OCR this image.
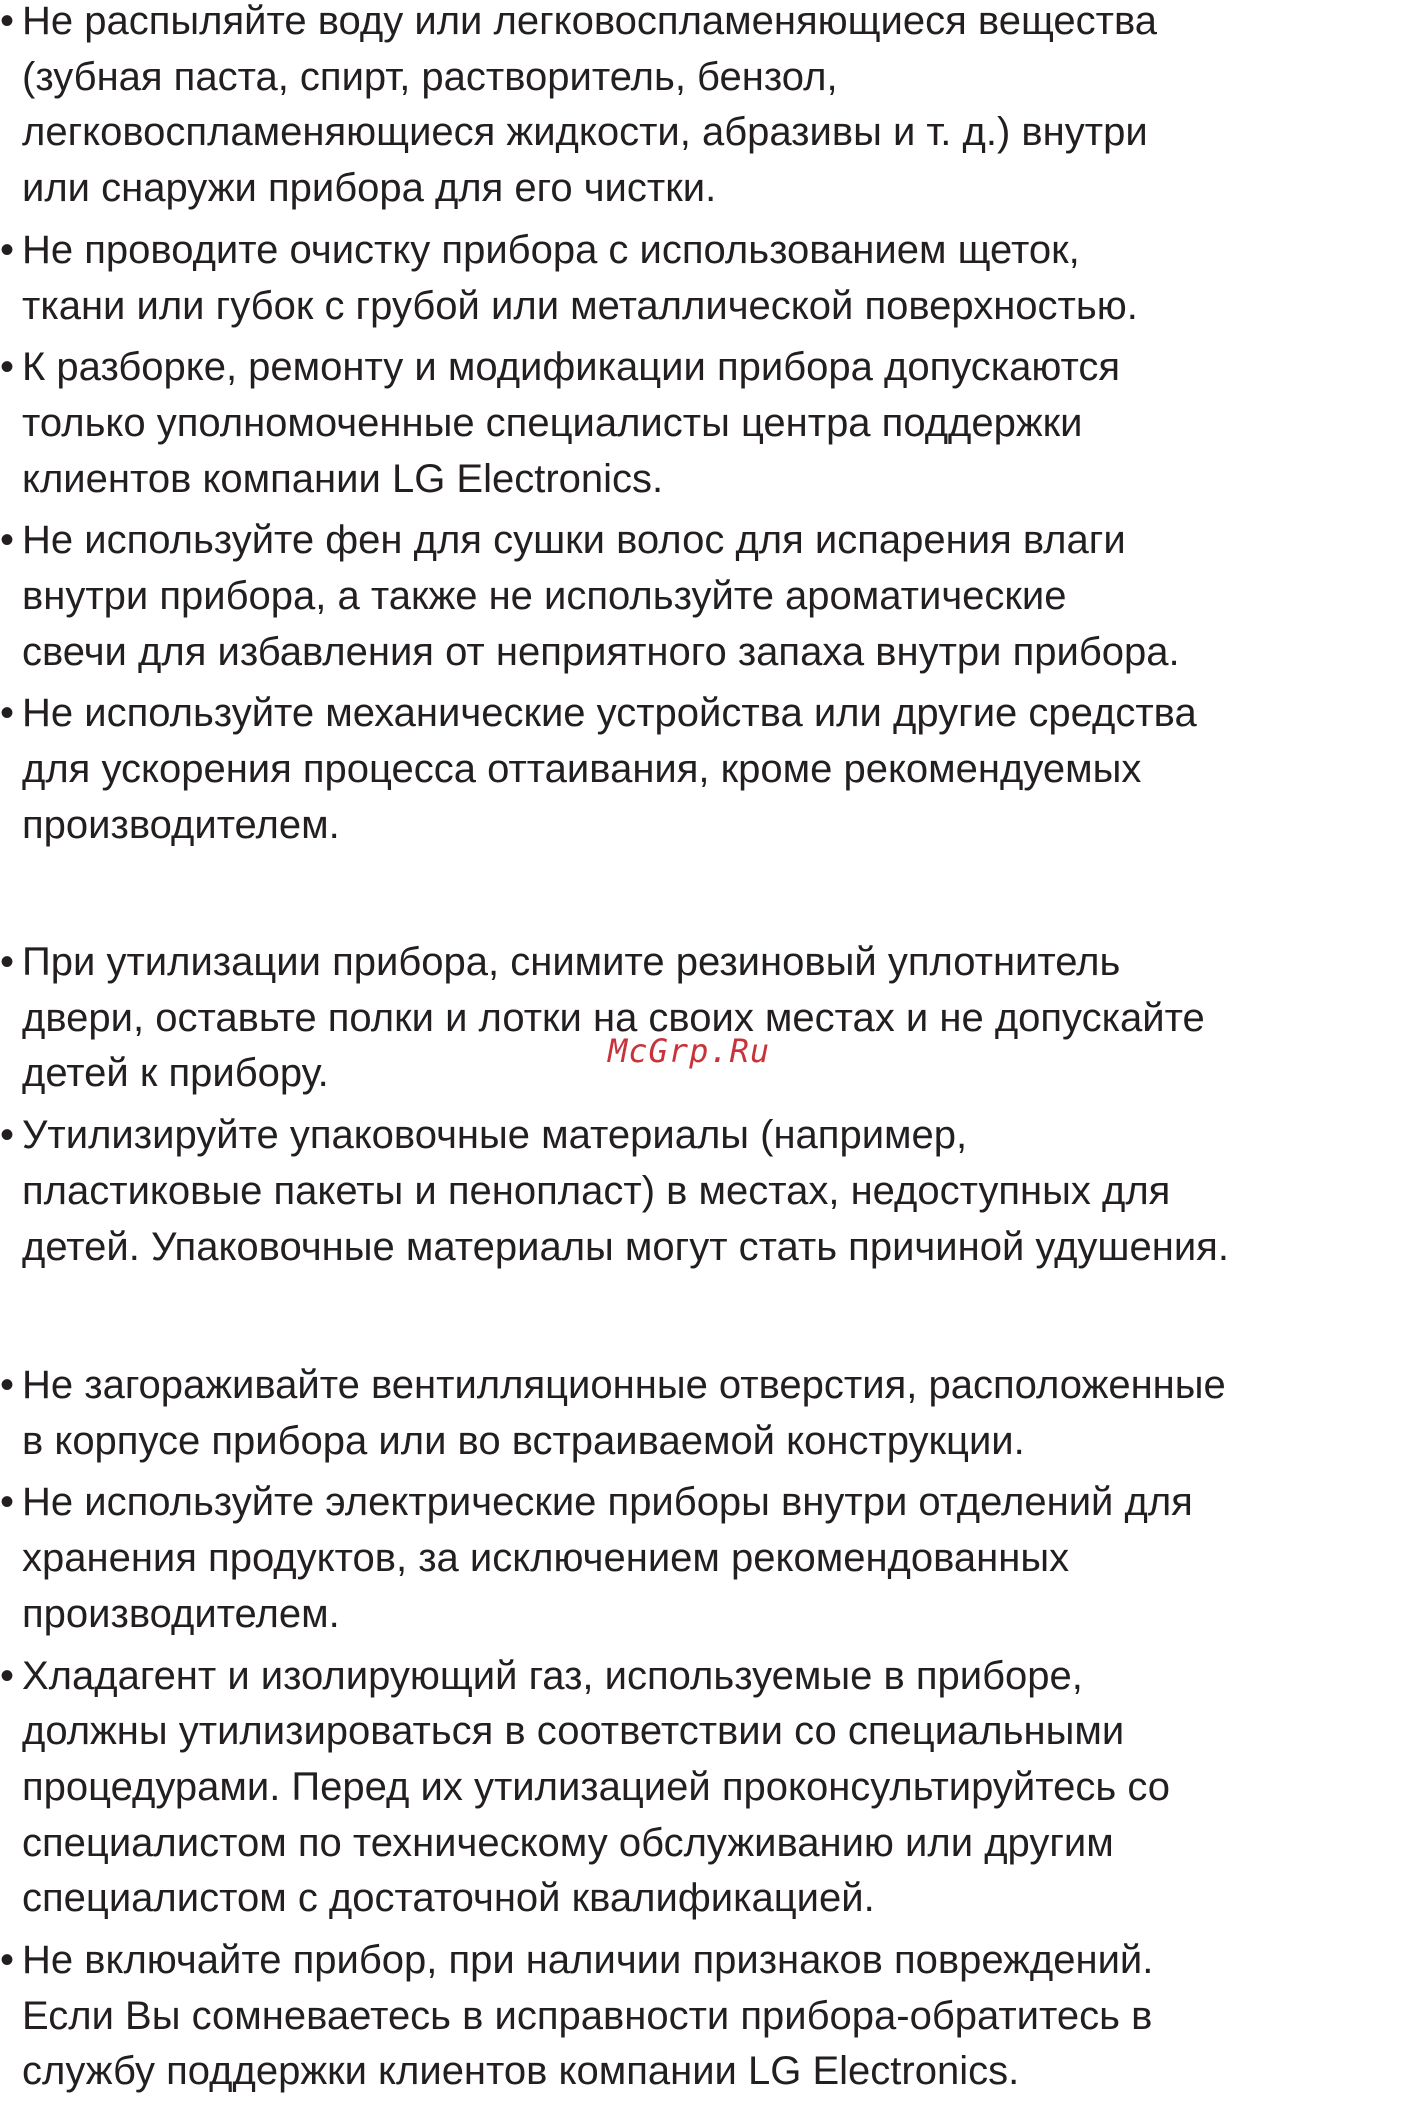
• Не распыляйте воду или легковоспламеняющиеся вещества
(зубная паста, спирт, растворитель, бензол,
легковоспламеняющиеся жидкости, абразивы и т. д.) внутри
или снаружи прибора для его чистки.
• Не проводите очистку прибора с использованием щеток,
ткани или губок с грубой или металлической поверхностью.
• К разборке, ремонту и модификации прибора допускаются
только уполномоченные специалисты центра поддержки
клиентов компании LG Electronics.
• Не используйте фен для сушки волос для испарения влаги
внутри прибора, а также не используйте ароматические
свечи для избавления от неприятного запаха внутри прибора.
• Не используйте механические устройства или другие средства
для ускорения процесса оттаивания, кроме рекомендуемых
производителем.
• При утилизации прибора, снимите резиновый уплотнитель
двери, оставьте полки и лотки на своих местах и не допускайте
детей к прибору.
• Утилизируйте упаковочные материалы (например,
пластиковые пакеты и пенопласт) в местах, недоступных для
детей. Упаковочные материалы могут стать причиной удушения.
• Не загораживайте вентилляционные отверстия, расположенные
в корпусе прибора или во встраиваемой конструкции.
• Не используйте электрические приборы внутри отделений для
хранения продуктов, за исключением рекомендованных
производителем.
• Хладагент и изолирующий газ, используемые в приборе,
должны утилизироваться в соответствии со специальными
процедурами. Перед их утилизацией проконсультируйтесь со
специалистом по техническому обслуживанию или другим
специалистом с достаточной квалификацией.
• Не включайте прибор, при наличии признаков повреждений.
Если Вы сомневаетесь в исправности прибора-обратитесь в
службу поддержки клиентов компании LG Electronics.
McGrp.Ru
